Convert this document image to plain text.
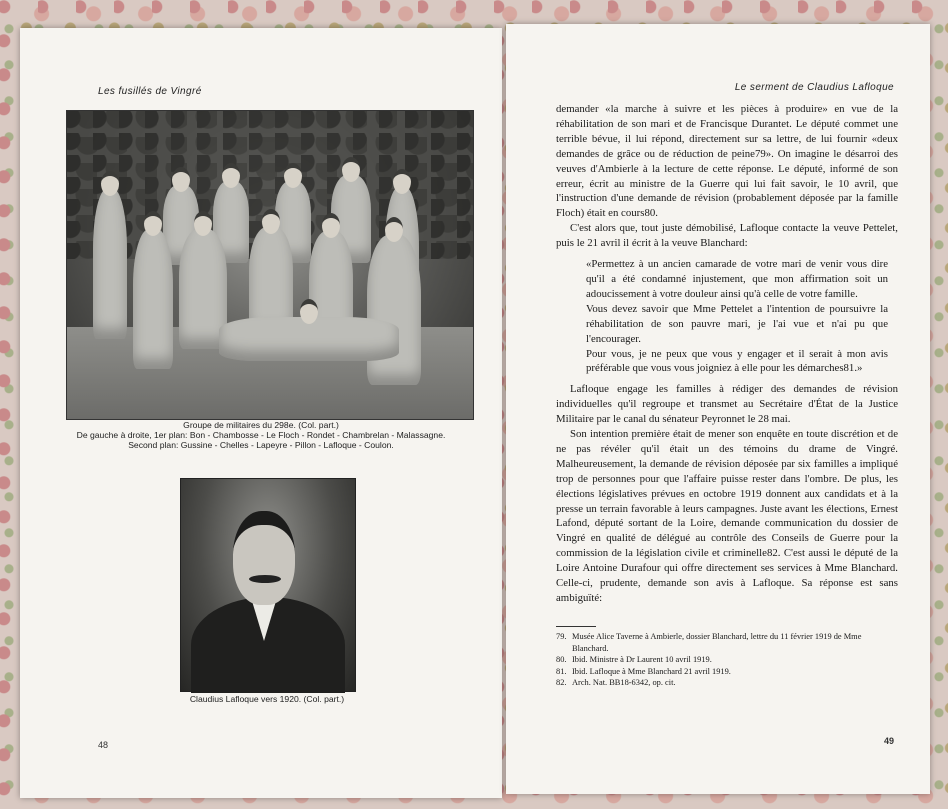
Les fusillés de Vingré
Groupe de militaires du 298e. (Col. part.)
De gauche à droite, 1er plan: Bon - Chambosse - Le Floch - Rondet - Chambrelan - Malassagne.
Second plan: Gussine - Chelles - Lapeyre - Pillon - Lafloque - Coulon.
Claudius Lafloque vers 1920. (Col. part.)
48
Le serment de Claudius Lafloque

demander «la marche à suivre et les pièces à produire» en vue de la réhabilitation de son mari et de Francisque Durantet. Le député commet une terrible bévue, il lui répond, directement sur sa lettre, de lui fournir «deux demandes de grâce ou de réduction de peine79». On imagine le désarroi des veuves d'Ambierle à la lecture de cette réponse. Le député, informé de son erreur, écrit au ministre de la Guerre qui lui fait savoir, le 10 avril, que l'instruction d'une demande de révision (probablement déposée par la famille Floch) était en cours80.

C'est alors que, tout juste démobilisé, Lafloque contacte la veuve Pettelet, puis le 21 avril il écrit à la veuve Blanchard:

«Permettez à un ancien camarade de votre mari de venir vous dire qu'il a été condamné injustement, que mon affirmation soit un adoucissement à votre douleur ainsi qu'à celle de votre famille.

Vous devez savoir que Mme Pettelet a l'intention de poursuivre la réhabilitation de son pauvre mari, je l'ai vue et n'ai pu que l'encourager.

Pour vous, je ne peux que vous y engager et il serait à mon avis préférable que vous vous joigniez à elle pour les démarches81.»

Lafloque engage les familles à rédiger des demandes de révision individuelles qu'il regroupe et transmet au Secrétaire d'État de la Justice Militaire par le canal du sénateur Peyronnet le 28 mai.

Son intention première était de mener son enquête en toute discrétion et de ne pas révéler qu'il était un des témoins du drame de Vingré. Malheureusement, la demande de révision déposée par six familles a impliqué trop de personnes pour que l'affaire puisse rester dans l'ombre. De plus, les élections législatives prévues en octobre 1919 donnent aux candidats et à la presse un terrain favorable à leurs campagnes. Juste avant les élections, Ernest Lafond, député sortant de la Loire, demande communication du dossier de Vingré en qualité de délégué au contrôle des Conseils de Guerre pour la commission de la législation civile et criminelle82. C'est aussi le député de la Loire Antoine Durafour qui offre directement ses services à Mme Blanchard. Celle-ci, prudente, demande son avis à Lafloque. Sa réponse est sans ambiguïté:

79. Musée Alice Taverne à Ambierle, dossier Blanchard, lettre du 11 février 1919 de Mme Blanchard.
80. Ibid. Ministre à Dr Laurent 10 avril 1919.
81. Ibid. Lafloque à Mme Blanchard 21 avril 1919.
82. Arch. Nat. BB18-6342, op. cit.
49
